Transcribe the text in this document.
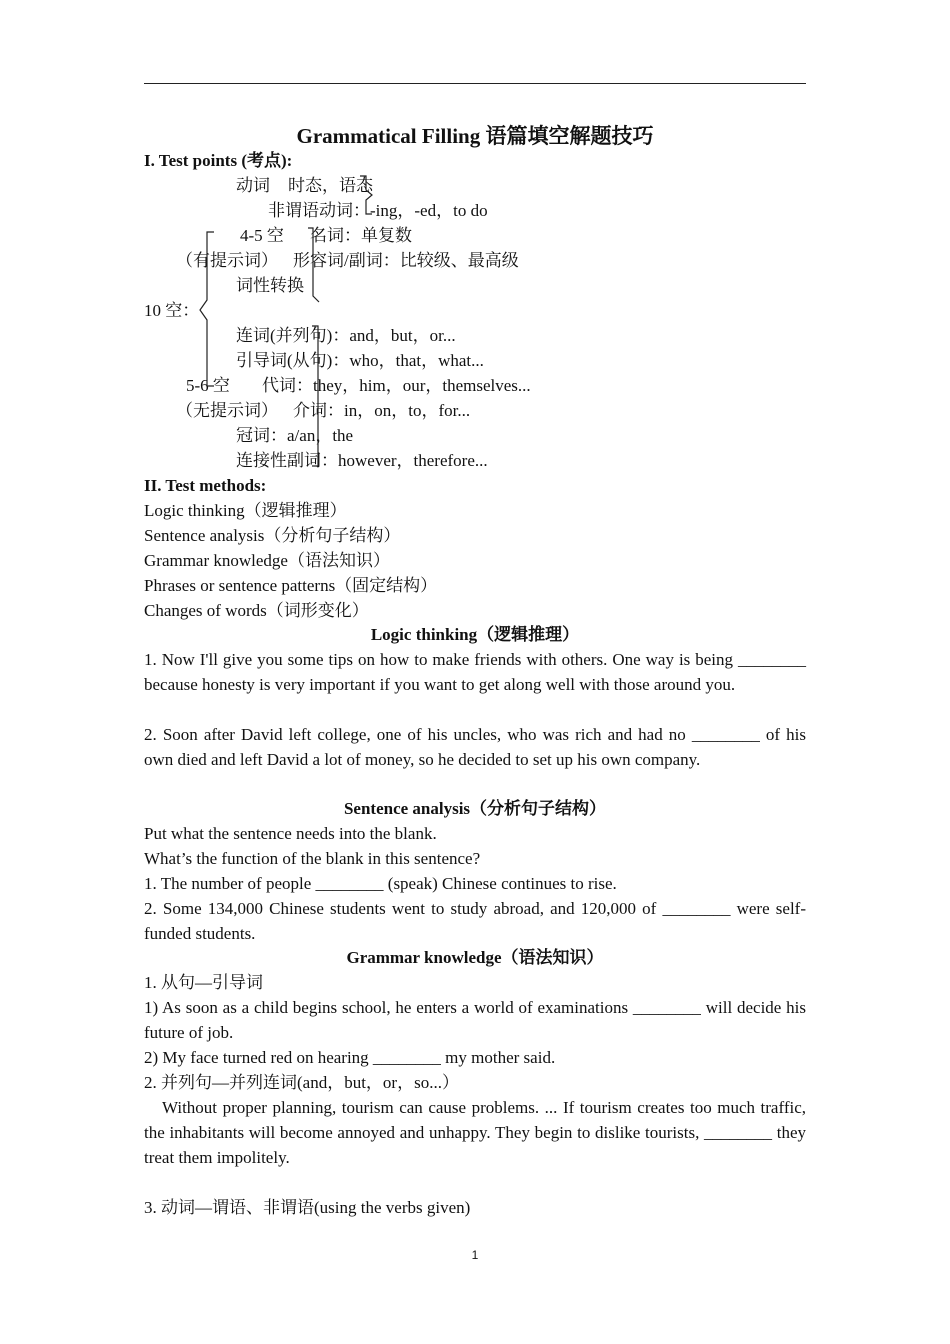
Grammatical Filling 语篇填空解题技巧
I. Test points (考点):
动词 时态，语态
非谓语动词：-ing，-ed，to do
4-5 空 名词：单复数
（有提示词） 形容词/副词：比较级、最高级
词性转换
10 空：
连词(并列句)：and，but，or...
引导词(从句)：who，that，what...
5-6 空 代词：they，him，our，themselves...
（无提示词） 介词：in，on，to，for...
冠词：a/an，the
连接性副词：however，therefore...
II. Test methods:
Logic thinking（逻辑推理）
Sentence analysis（分析句子结构）
Grammar knowledge（语法知识）
Phrases or sentence patterns（固定结构）
Changes of words（词形变化）
Logic thinking（逻辑推理）
1. Now I'll give you some tips on how to make friends with others. One way is being ________ because honesty is very important if you want to get along well with those around you.
2. Soon after David left college, one of his uncles, who was rich and had no ________ of his own died and left David a lot of money, so he decided to set up his own company.
Sentence analysis（分析句子结构）
Put what the sentence needs into the blank.
What’s the function of the blank in this sentence?
1. The number of people ________ (speak) Chinese continues to rise.
2. Some 134,000 Chinese students went to study abroad, and 120,000 of ________ were self-funded students.
Grammar knowledge（语法知识）
1. 从句—引导词
1) As soon as a child begins school, he enters a world of examinations ________ will decide his future of job.
2) My face turned red on hearing ________ my mother said.
2. 并列句—并列连词(and，but，or，so...）
Without proper planning, tourism can cause problems. ... If tourism creates too much traffic, the inhabitants will become annoyed and unhappy. They begin to dislike tourists, ________ they treat them impolitely.
3. 动词—谓语、非谓语(using the verbs given)
1
